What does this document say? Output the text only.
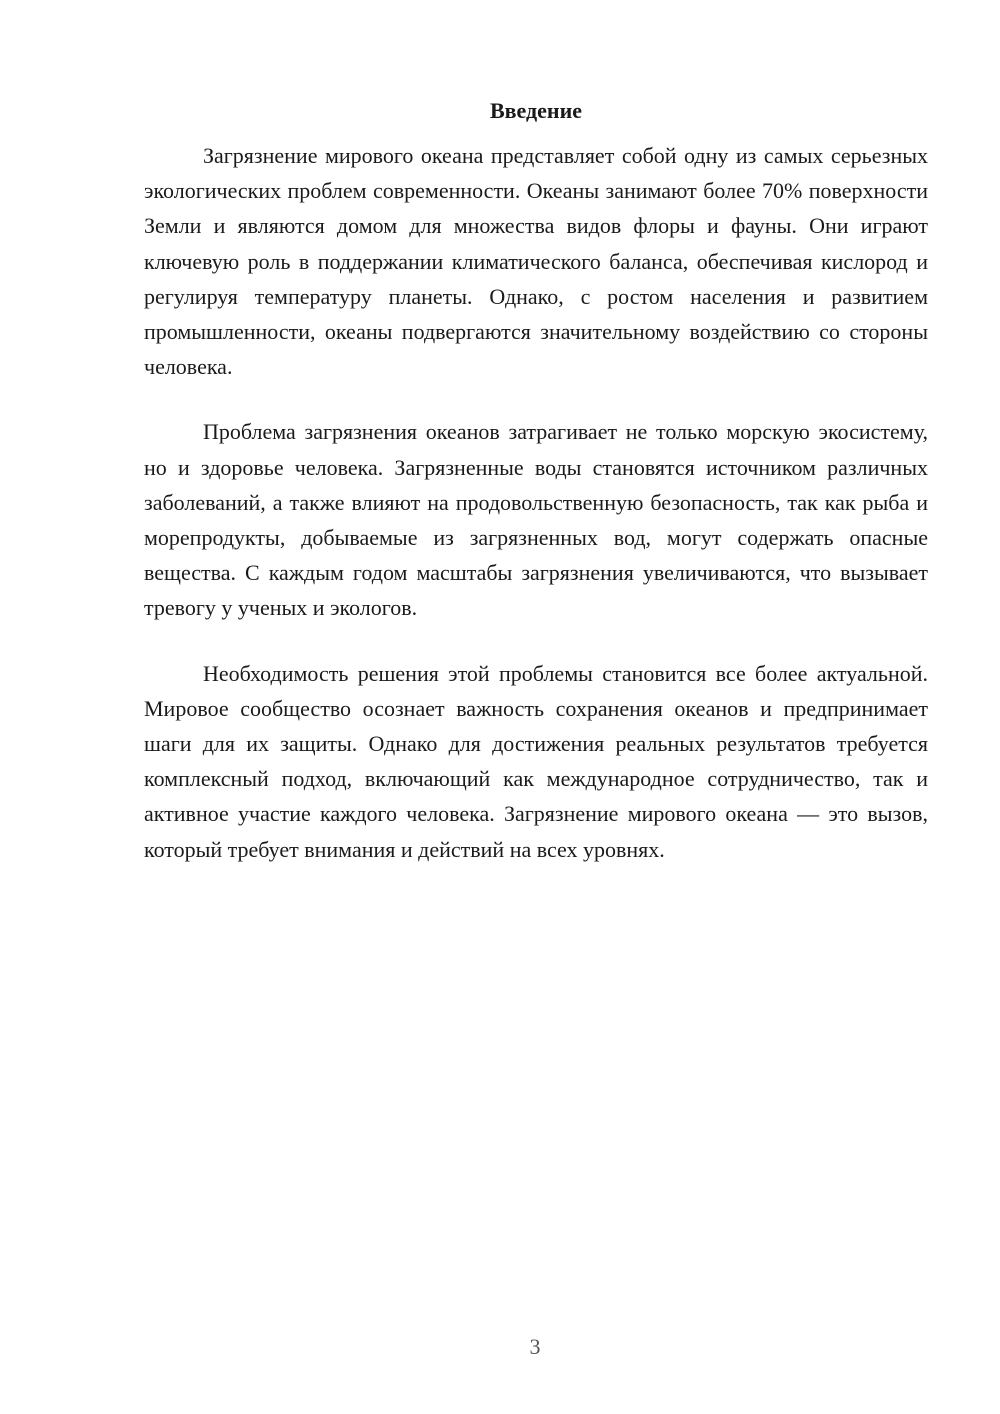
Введение

Загрязнение мирового океана представляет собой одну из самых серьезных экологических проблем современности. Океаны занимают более 70% поверхности Земли и являются домом для множества видов флоры и фауны. Они играют ключевую роль в поддержании климатического баланса, обеспечивая кислород и регулируя температуру планеты. Однако, с ростом населения и развитием промышленности, океаны подвергаются значительному воздействию со стороны человека.

Проблема загрязнения океанов затрагивает не только морскую экосистему, но и здоровье человека. Загрязненные воды становятся источником различных заболеваний, а также влияют на продовольственную безопасность, так как рыба и морепродукты, добываемые из загрязненных вод, могут содержать опасные вещества. С каждым годом масштабы загрязнения увеличиваются, что вызывает тревогу у ученых и экологов.

Необходимость решения этой проблемы становится все более актуальной. Мировое сообщество осознает важность сохранения океанов и предпринимает шаги для их защиты. Однако для достижения реальных результатов требуется комплексный подход, включающий как международное сотрудничество, так и активное участие каждого человека. Загрязнение мирового океана — это вызов, который требует внимания и действий на всех уровнях.

3
